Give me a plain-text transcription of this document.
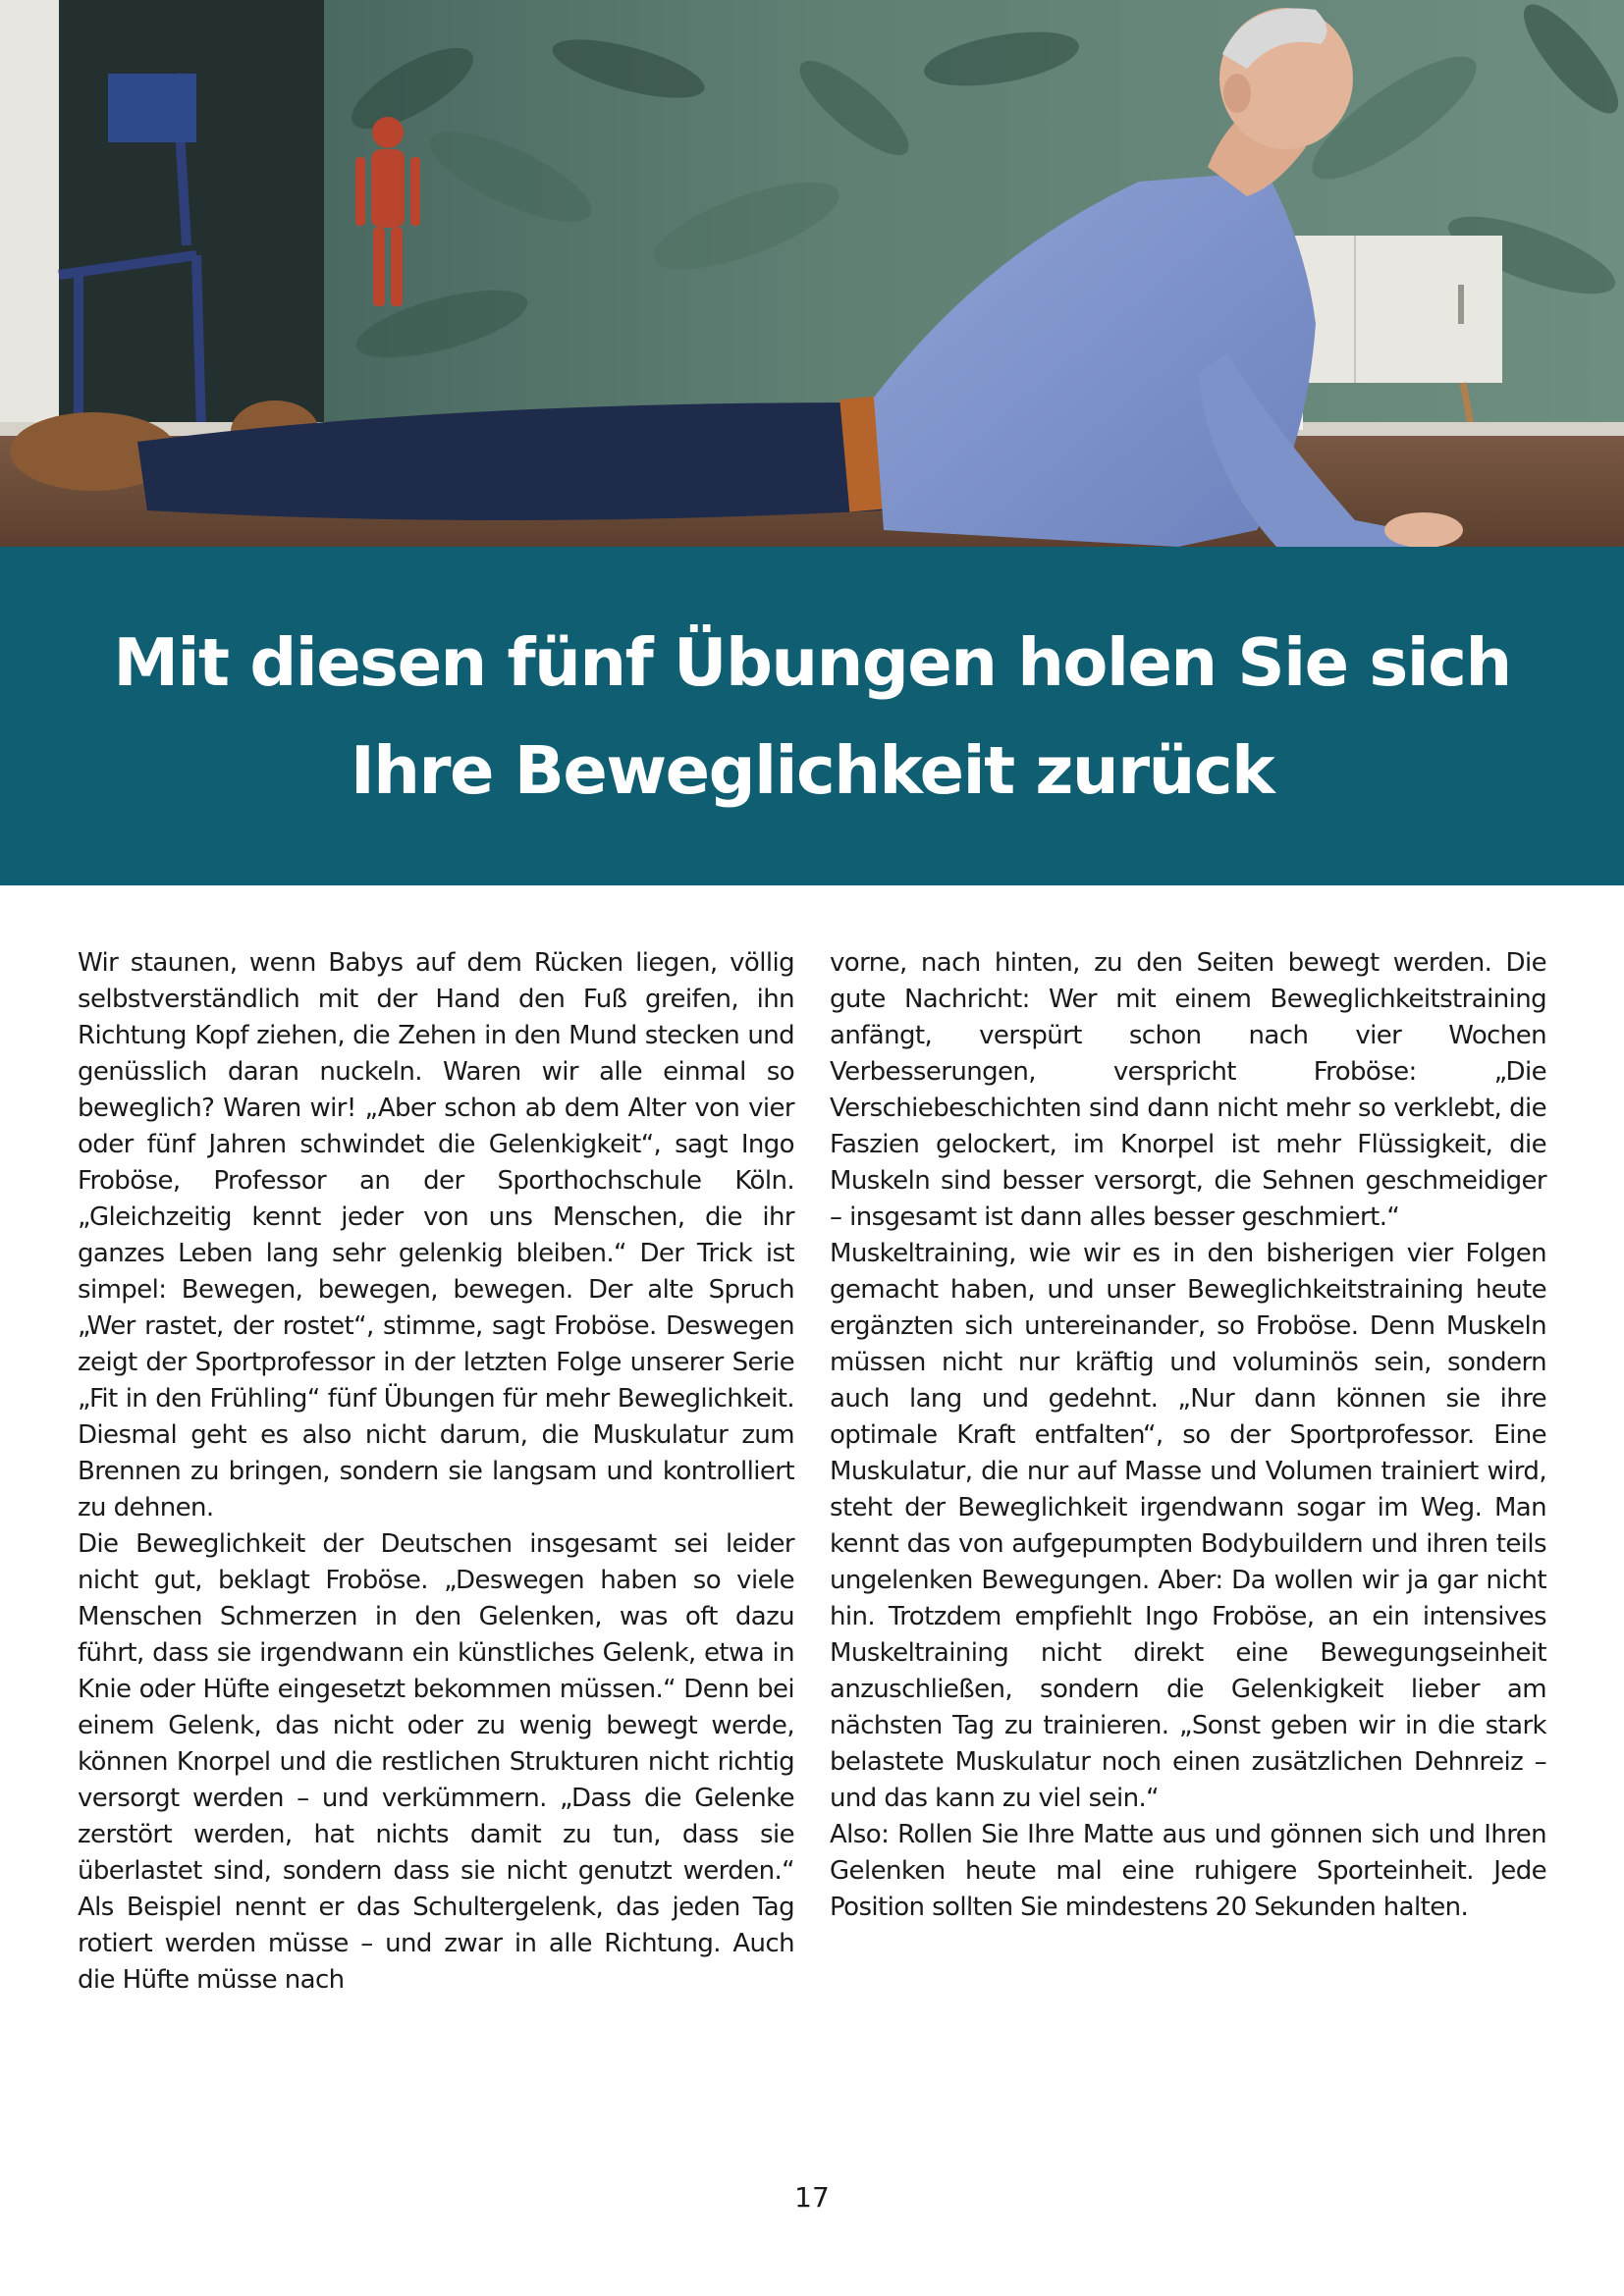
Mit diesen fünf Übungen holen Sie sich Ihre Beweglichkeit zurück

Wir staunen, wenn Babys auf dem Rücken liegen, völlig selbstverständlich mit der Hand den Fuß greifen, ihn Richtung Kopf ziehen, die Zehen in den Mund stecken und genüsslich daran nuckeln. Waren wir alle einmal so beweglich? Waren wir! „Aber schon ab dem Alter von vier oder fünf Jahren schwindet die Gelenkigkeit“, sagt Ingo Froböse, Professor an der Sporthochschule Köln. „Gleichzeitig kennt jeder von uns Menschen, die ihr ganzes Leben lang sehr gelenkig bleiben.“ Der Trick ist simpel: Bewegen, bewegen, bewegen. Der alte Spruch „Wer rastet, der rostet“, stimme, sagt Froböse. Deswegen zeigt der Sportprofessor in der letzten Folge unserer Serie „Fit in den Frühling“ fünf Übungen für mehr Beweglichkeit. Diesmal geht es also nicht darum, die Muskulatur zum Brennen zu bringen, sondern sie langsam und kontrolliert zu dehnen.

Die Beweglichkeit der Deutschen insgesamt sei leider nicht gut, beklagt Froböse. „Deswegen haben so viele Menschen Schmerzen in den Gelenken, was oft dazu führt, dass sie irgendwann ein künstliches Gelenk, etwa in Knie oder Hüfte eingesetzt bekommen müssen.“ Denn bei einem Gelenk, das nicht oder zu wenig bewegt werde, können Knorpel und die restlichen Strukturen nicht richtig versorgt werden – und verkümmern. „Dass die Gelenke zerstört werden, hat nichts damit zu tun, dass sie überlastet sind, sondern dass sie nicht genutzt werden.“ Als Beispiel nennt er das Schultergelenk, das jeden Tag rotiert werden müsse – und zwar in alle Richtung. Auch die Hüfte müsse nach

vorne, nach hinten, zu den Seiten bewegt werden. Die gute Nachricht: Wer mit einem Beweglichkeitstraining anfängt, verspürt schon nach vier Wochen Verbesserungen, verspricht Froböse: „Die Verschiebeschichten sind dann nicht mehr so verklebt, die Faszien gelockert, im Knorpel ist mehr Flüssigkeit, die Muskeln sind besser versorgt, die Sehnen geschmeidiger – insgesamt ist dann alles besser geschmiert.“

Muskeltraining, wie wir es in den bisherigen vier Folgen gemacht haben, und unser Beweglichkeitstraining heute ergänzten sich untereinander, so Froböse. Denn Muskeln müssen nicht nur kräftig und voluminös sein, sondern auch lang und gedehnt. „Nur dann können sie ihre optimale Kraft entfalten“, so der Sportprofessor. Eine Muskulatur, die nur auf Masse und Volumen trainiert wird, steht der Beweglichkeit irgendwann sogar im Weg. Man kennt das von aufgepumpten Bodybuildern und ihren teils ungelenken Bewegungen. Aber: Da wollen wir ja gar nicht hin. Trotzdem empfiehlt Ingo Froböse, an ein intensives Muskeltraining nicht direkt eine Bewegungseinheit anzuschließen, sondern die Gelenkigkeit lieber am nächsten Tag zu trainieren. „Sonst geben wir in die stark belastete Muskulatur noch einen zusätzlichen Dehnreiz – und das kann zu viel sein.“

Also: Rollen Sie Ihre Matte aus und gönnen sich und Ihren Gelenken heute mal eine ruhigere Sporteinheit. Jede Position sollten Sie mindestens 20 Sekunden halten.

17
